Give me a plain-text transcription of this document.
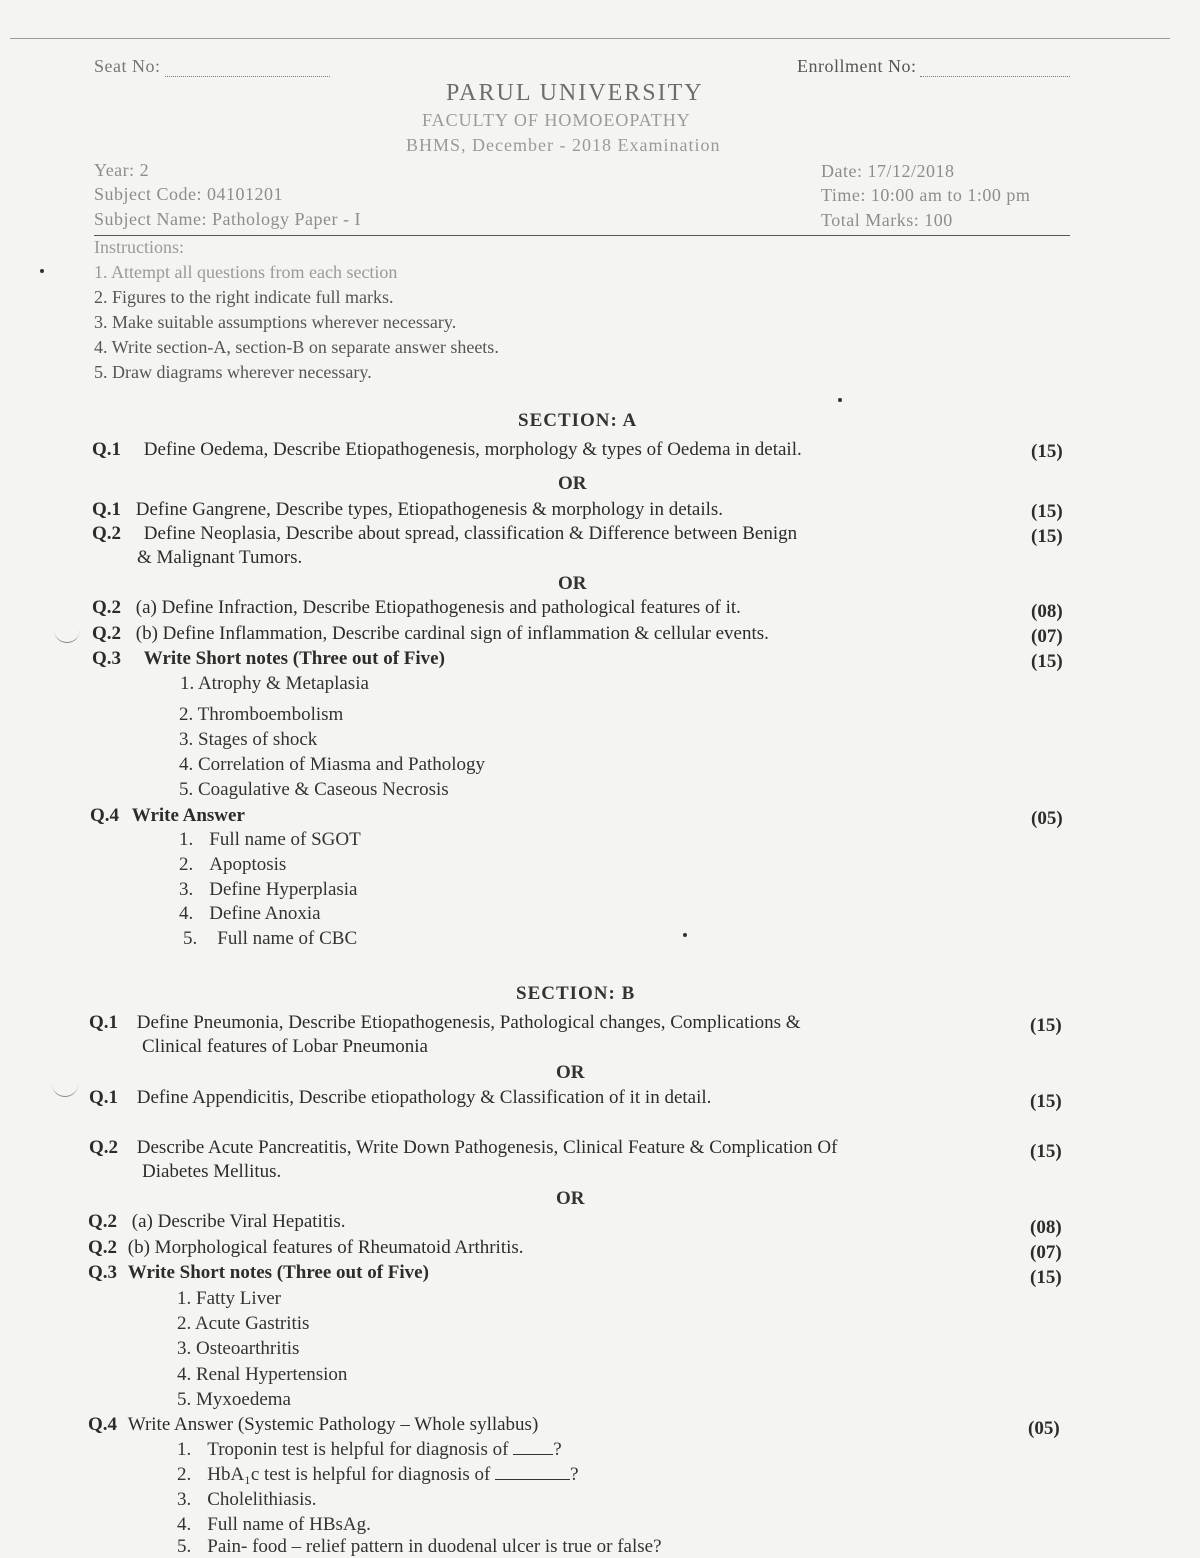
Seat No:	Enrollment No:
PARUL UNIVERSITY
FACULTY OF HOMOEOPATHY
BHMS, December - 2018 Examination
Year: 2
Subject Code: 04101201
Subject Name: Pathology Paper - I
Date: 17/12/2018
Time: 10:00 am to 1:00 pm
Total Marks: 100
Instructions:
1. Attempt all questions from each section
2. Figures to the right indicate full marks.
3. Make suitable assumptions wherever necessary.
4. Write section-A, section-B on separate answer sheets.
5. Draw diagrams wherever necessary.
SECTION: A
Q.1 Define Oedema, Describe Etiopathogenesis, morphology & types of Oedema in detail.	(15)
OR
Q.1 Define Gangrene, Describe types, Etiopathogenesis & morphology in details.	(15)
Q.2 Define Neoplasia, Describe about spread, classification & Difference between Benign
& Malignant Tumors.
(15)
OR
Q.2 (a) Define Infraction, Describe Etiopathogenesis and pathological features of it.	(08)
Q.2 (b) Define Inflammation, Describe cardinal sign of inflammation & cellular events.	(07)
Q.3 Write Short notes (Three out of Five)	(15)
1. Atrophy & Metaplasia
2. Thromboembolism
3. Stages of shock
4. Correlation of Miasma and Pathology
5. Coagulative & Caseous Necrosis
Q.4 Write Answer	(05)
1. Full name of SGOT
2. Apoptosis
3. Define Hyperplasia
4. Define Anoxia
5. Full name of CBC
SECTION: B
Q.1 Define Pneumonia, Describe Etiopathogenesis, Pathological changes, Complications &
Clinical features of Lobar Pneumonia
(15)
OR
Q.1 Define Appendicitis, Describe etiopathology & Classification of it in detail.	(15)
Q.2 Describe Acute Pancreatitis, Write Down Pathogenesis, Clinical Feature & Complication Of
Diabetes Mellitus.
(15)
OR
Q.2 (a) Describe Viral Hepatitis.	(08)
Q.2 (b) Morphological features of Rheumatoid Arthritis.	(07)
Q.3 Write Short notes (Three out of Five)	(15)
1. Fatty Liver
2. Acute Gastritis
3. Osteoarthritis
4. Renal Hypertension
5. Myxoedema
Q.4 Write Answer (Systemic Pathology – Whole syllabus)	(05)
1. Troponin test is helpful for diagnosis of ?
2. HbA₁c test is helpful for diagnosis of	?
3. Cholelithiasis.
4. Full name of HBsAg.
5. Pain- food – relief pattern in duodenal ulcer is true or false?
